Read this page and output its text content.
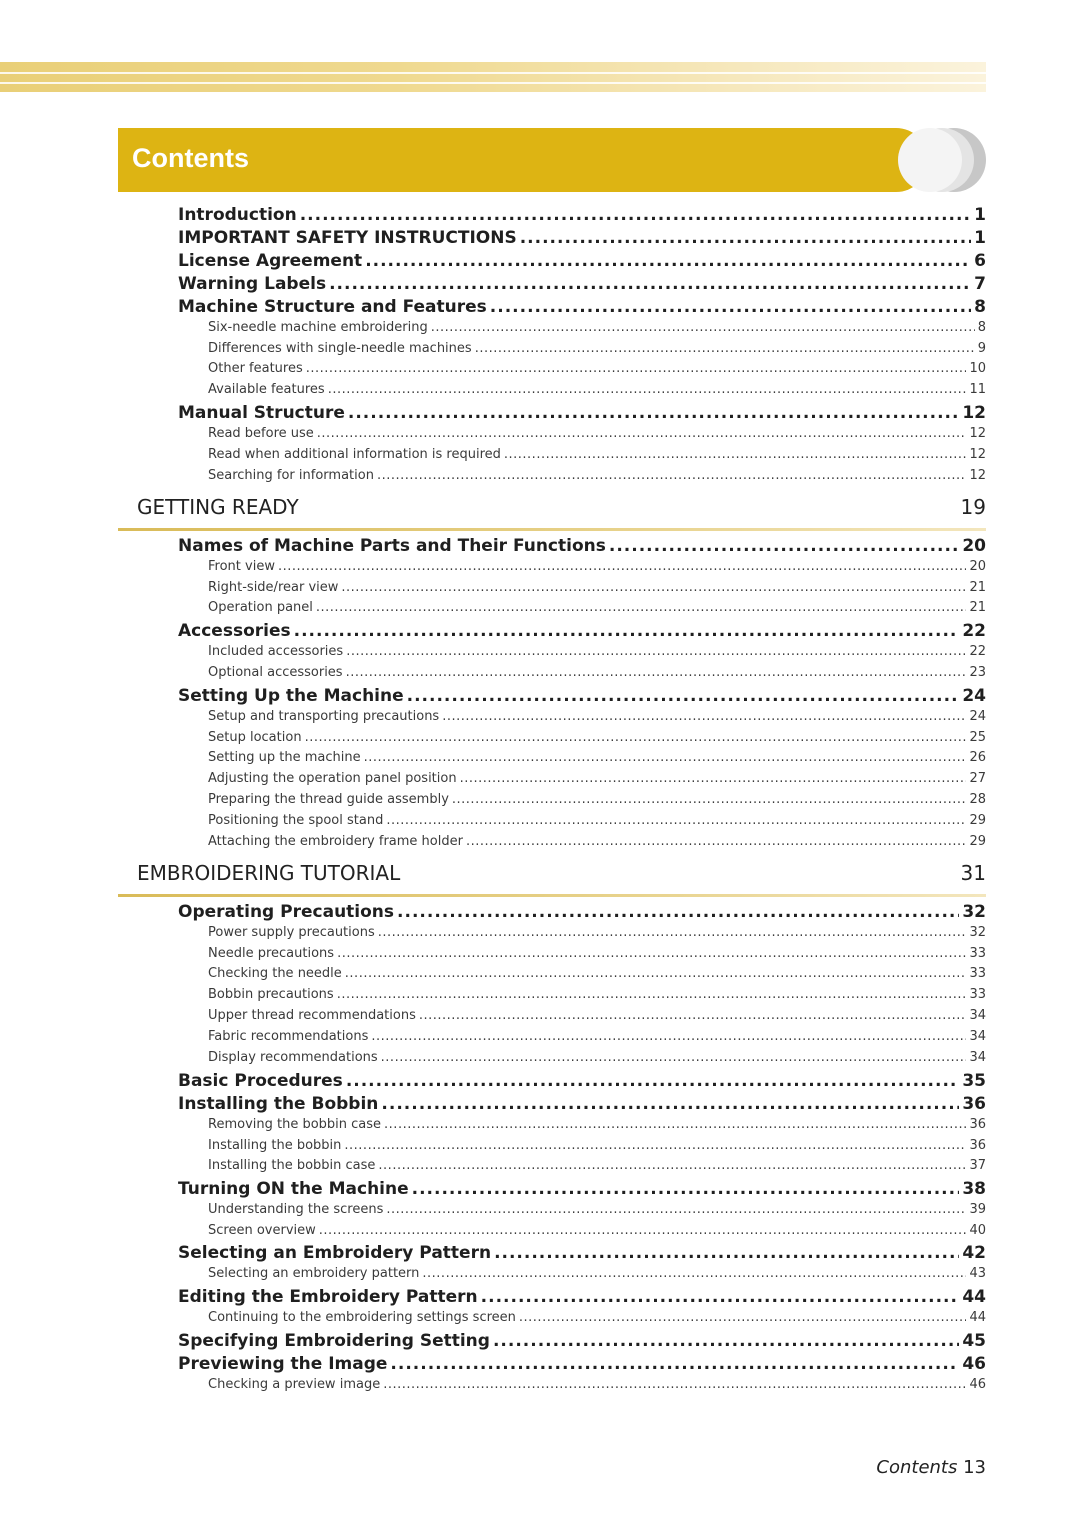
Contents
Introduction .....	1
IMPORTANT SAFETY INSTRUCTIONS .....	1
License Agreement .....	6
Warning Labels .....	7
Machine Structure and Features .....	8
Six-needle machine embroidering .....	8
Differences with single-needle machines .....	9
Other features .....	10
Available features .....	11
Manual Structure .....	12
Read before use .....	12
Read when additional information is required .....	12
Searching for information .....	12
GETTING READY	19
Names of Machine Parts and Their Functions .....	20
Front view .....	20
Right-side/rear view .....	21
Operation panel .....	21
Accessories .....	22
Included accessories .....	22
Optional accessories .....	23
Setting Up the Machine .....	24
Setup and transporting precautions .....	24
Setup location .....	25
Setting up the machine .....	26
Adjusting the operation panel position .....	27
Preparing the thread guide assembly .....	28
Positioning the spool stand .....	29
Attaching the embroidery frame holder .....	29
EMBROIDERING TUTORIAL	31
Operating Precautions .....	32
Power supply precautions .....	32
Needle precautions .....	33
Checking the needle .....	33
Bobbin precautions .....	33
Upper thread recommendations .....	34
Fabric recommendations .....	34
Display recommendations .....	34
Basic Procedures .....	35
Installing the Bobbin .....	36
Removing the bobbin case .....	36
Installing the bobbin .....	36
Installing the bobbin case .....	37
Turning ON the Machine .....	38
Understanding the screens .....	39
Screen overview .....	40
Selecting an Embroidery Pattern .....	42
Selecting an embroidery pattern .....	43
Editing the Embroidery Pattern .....	44
Continuing to the embroidering settings screen .....	44
Specifying Embroidering Setting .....	45
Previewing the Image .....	46
Checking a preview image .....	46
Contents 13
